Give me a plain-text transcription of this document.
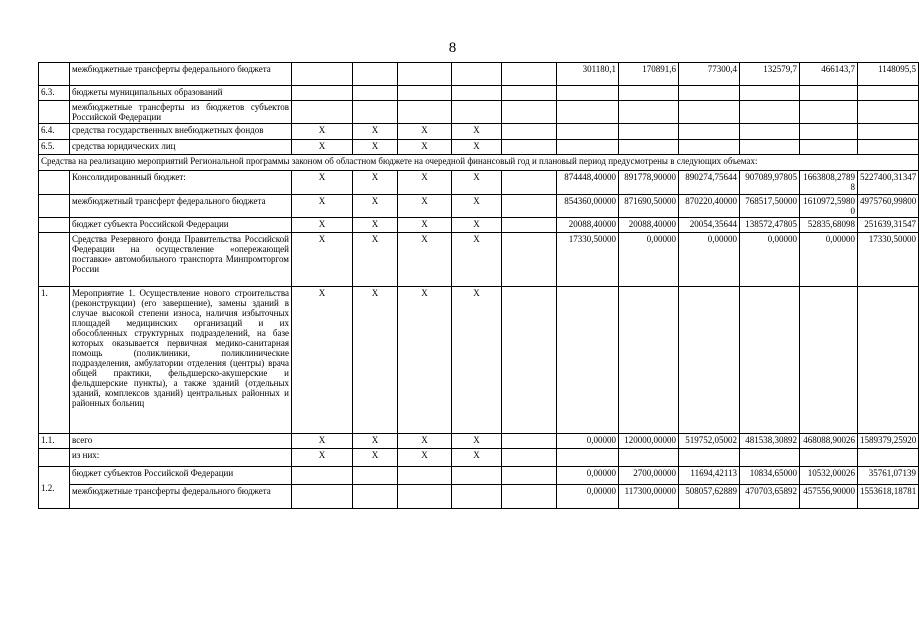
8
	межбюджетные трансферты федерального бюджета						301180,1	170891,6	77300,4	132579,7	466143,7	1148095,5
6.3.	бюджеты муниципальных образований											
	межбюджетные трансферты из бюджетов субъектов Российской Федерации											
6.4.	средства государственных внебюджетных фондов	Х	Х	Х	Х							
6.5.	средства юридических лиц	Х	Х	Х	Х							
Средства на реализацию мероприятий Региональной программы законом об областном бюджете на очередной финансовый год и плановый период предусмотрены в следующих объемах:												
	Консолидированный бюджет:	Х	Х	Х	Х		874448,40000	891778,90000	890274,75644	907089,97805	1663808,27898	5227400,31347
	межбюджетный трансферт федерального бюджета	Х	Х	Х	Х		854360,00000	871690,50000	870220,40000	768517,50000	1610972,59800	4975760,99800
	бюджет субъекта Российской Федерации	Х	Х	Х	Х		20088,40000	20088,40000	20054,35644	138572,47805	52835,68098	251639,31547
	Средства Резервного фонда Правительства Российской Федерации на осуществление «опережающей поставки» автомобильного транспорта Минпромторгом России	Х	Х	Х	Х		17330,50000	0,00000	0,00000	0,00000	0,00000	17330,50000
1.	Мероприятие 1. Осуществление нового строительства (реконструкции) (его завершение), замены зданий в случае высокой степени износа, наличия избыточных площадей медицинских организаций и их обособленных структурных подразделений, на базе которых оказывается первичная медико-санитарная помощь (поликлиники, поликлинические подразделения, амбулатории отделения (центры) врача общей практики, фельдшерско-акушерские и фельдшерские пункты), а также зданий (отдельных зданий, комплексов зданий) центральных районных и районных больниц	Х	Х	Х	Х							
1.1.	всего	Х	Х	Х	Х		0,00000	120000,00000	519752,05002	481538,30892	468088,90026	1589379,25920
	из них:	Х	Х	Х	Х							
1.2.	бюджет субъектов Российской Федерации						0,00000	2700,00000	11694,42113	10834,65000	10532,00026	35761,07139
	межбюджетные трансферты федерального бюджета						0,00000	117300,00000	508057,62889	470703,65892	457556,90000	1553618,18781
